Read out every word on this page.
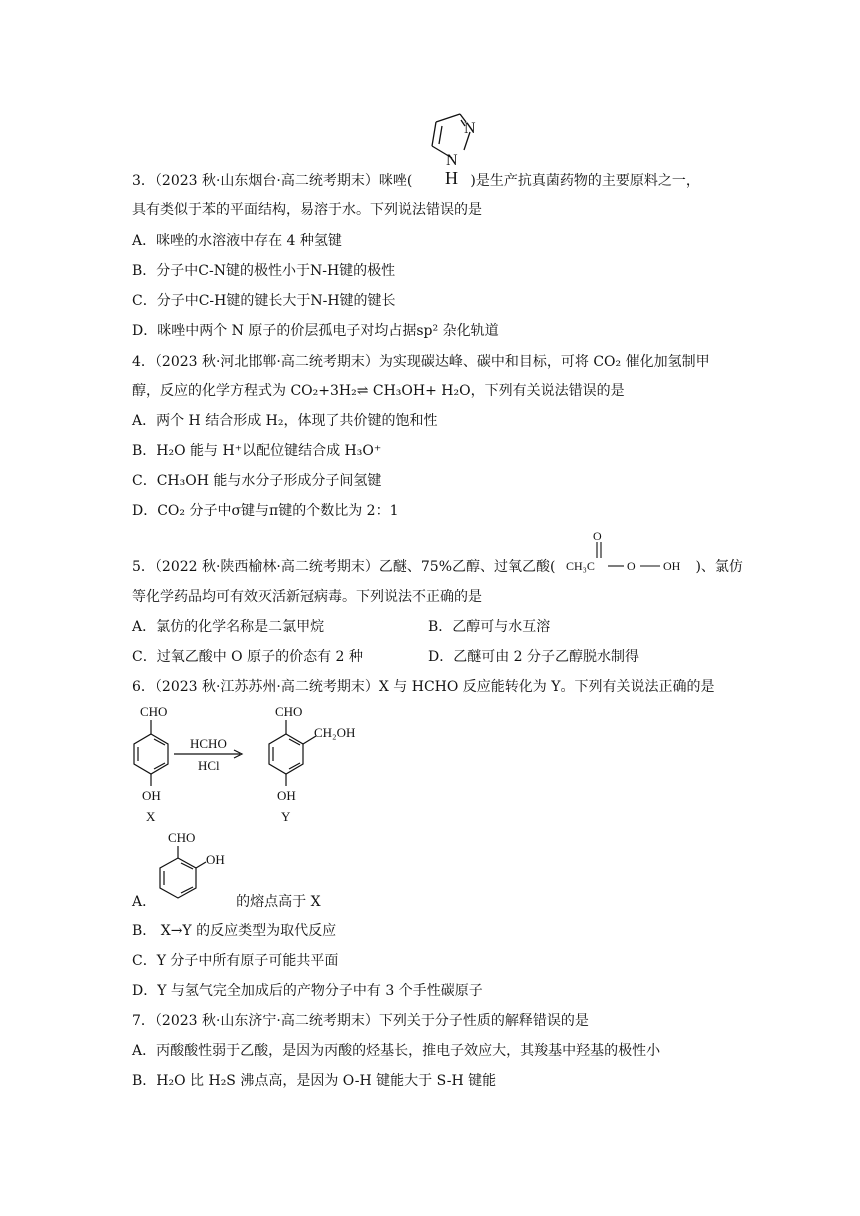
N
N
H
3．（2023 秋·山东烟台·高二统考期末）咪唑(	)是生产抗真菌药物的主要原料之一，
具有类似于苯的平面结构，易溶于水。下列说法错误的是
A．咪唑的水溶液中存在 4 种氢键
B．分子中C-N键的极性小于N-H键的极性
C．分子中C-H键的键长大于N-H键的键长
D．咪唑中两个 N 原子的价层孤电子对均占据sp² 杂化轨道
4．（2023 秋·河北邯郸·高二统考期末）为实现碳达峰、碳中和目标，可将 CO₂ 催化加氢制甲
醇，反应的化学方程式为 CO₂+3H₂⇌ CH₃OH+ H₂O，下列有关说法错误的是
A．两个 H 结合形成 H₂，体现了共价键的饱和性
B．H₂O 能与 H⁺以配位键结合成 H₃O⁺
C．CH₃OH 能与水分子形成分子间氢键
D．CO₂ 分子中σ键与π键的个数比为 2：1
O
CH₃C	O OH
5．（2022 秋·陕西榆林·高二统考期末）乙醚、75%乙醇、过氧乙酸(	)、氯仿
等化学药品均可有效灭活新冠病毒。下列说法不正确的是
A．氯仿的化学名称是二氯甲烷	B．乙醇可与水互溶
C．过氧乙酸中 O 原子的价态有 2 种	D．乙醚可由 2 分子乙醇脱水制得
6．（2023 秋·江苏苏州·高二统考期末）X 与 HCHO 反应能转化为 Y。下列有关说法正确的是
CHO
OH
X
HCHO
HCl
CHO
CH₂OH
OH
Y
CHO
OH
A．	的熔点高于 X
B． X→Y 的反应类型为取代反应
C．Y 分子中所有原子可能共平面
D．Y 与氢气完全加成后的产物分子中有 3 个手性碳原子
7．（2023 秋·山东济宁·高二统考期末）下列关于分子性质的解释错误的是
A．丙酸酸性弱于乙酸，是因为丙酸的烃基长，推电子效应大，其羧基中羟基的极性小
B．H₂O 比 H₂S 沸点高，是因为 O-H 键能大于 S-H 键能
